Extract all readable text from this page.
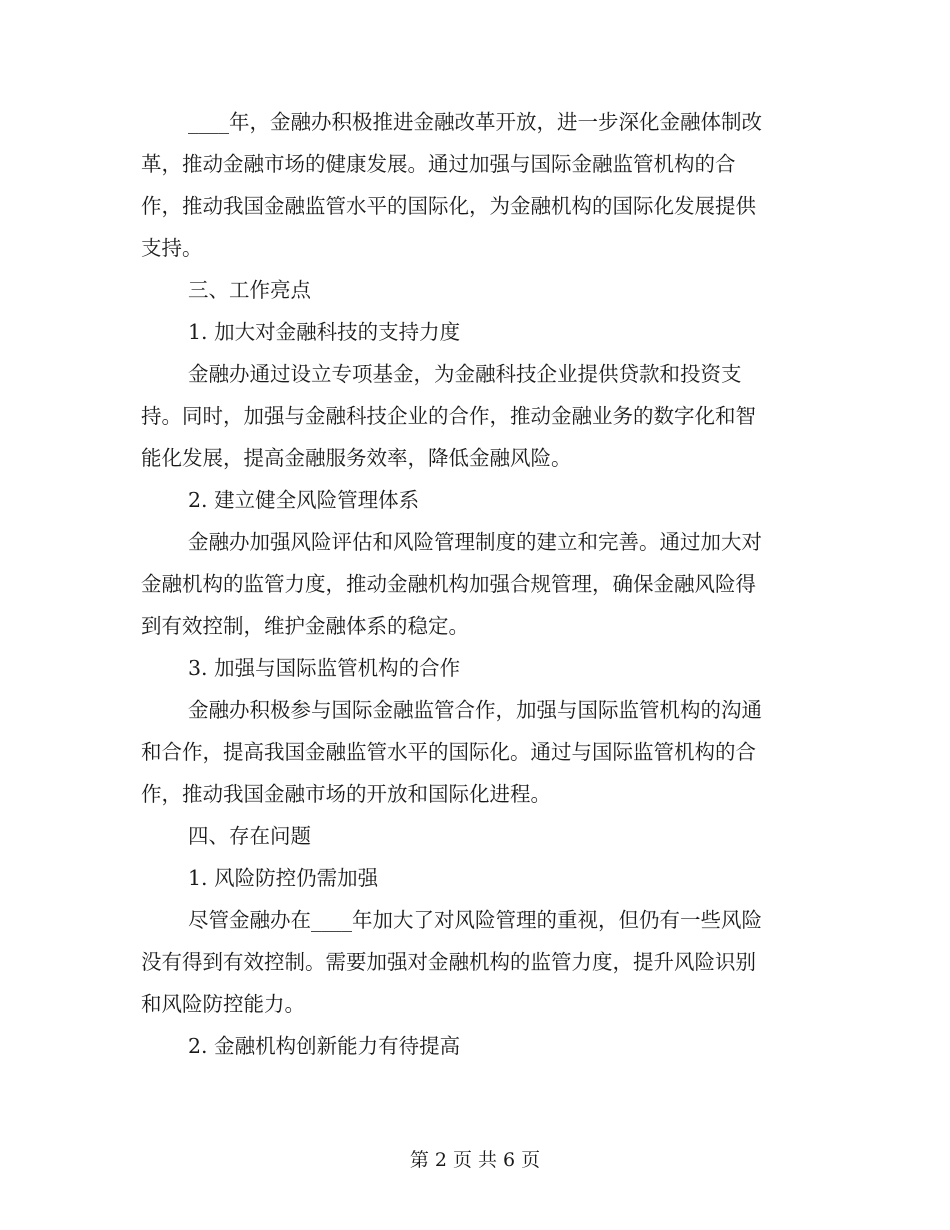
____年，金融办积极推进金融改革开放，进一步深化金融体制改
革，推动金融市场的健康发展。通过加强与国际金融监管机构的合
作，推动我国金融监管水平的国际化，为金融机构的国际化发展提供
支持。
三、工作亮点
1. 加大对金融科技的支持力度
金融办通过设立专项基金，为金融科技企业提供贷款和投资支
持。同时，加强与金融科技企业的合作，推动金融业务的数字化和智
能化发展，提高金融服务效率，降低金融风险。
2. 建立健全风险管理体系
金融办加强风险评估和风险管理制度的建立和完善。通过加大对
金融机构的监管力度，推动金融机构加强合规管理，确保金融风险得
到有效控制，维护金融体系的稳定。
3. 加强与国际监管机构的合作
金融办积极参与国际金融监管合作，加强与国际监管机构的沟通
和合作，提高我国金融监管水平的国际化。通过与国际监管机构的合
作，推动我国金融市场的开放和国际化进程。
四、存在问题
1. 风险防控仍需加强
尽管金融办在____年加大了对风险管理的重视，但仍有一些风险
没有得到有效控制。需要加强对金融机构的监管力度，提升风险识别
和风险防控能力。
2. 金融机构创新能力有待提高
第 2 页 共 6 页
